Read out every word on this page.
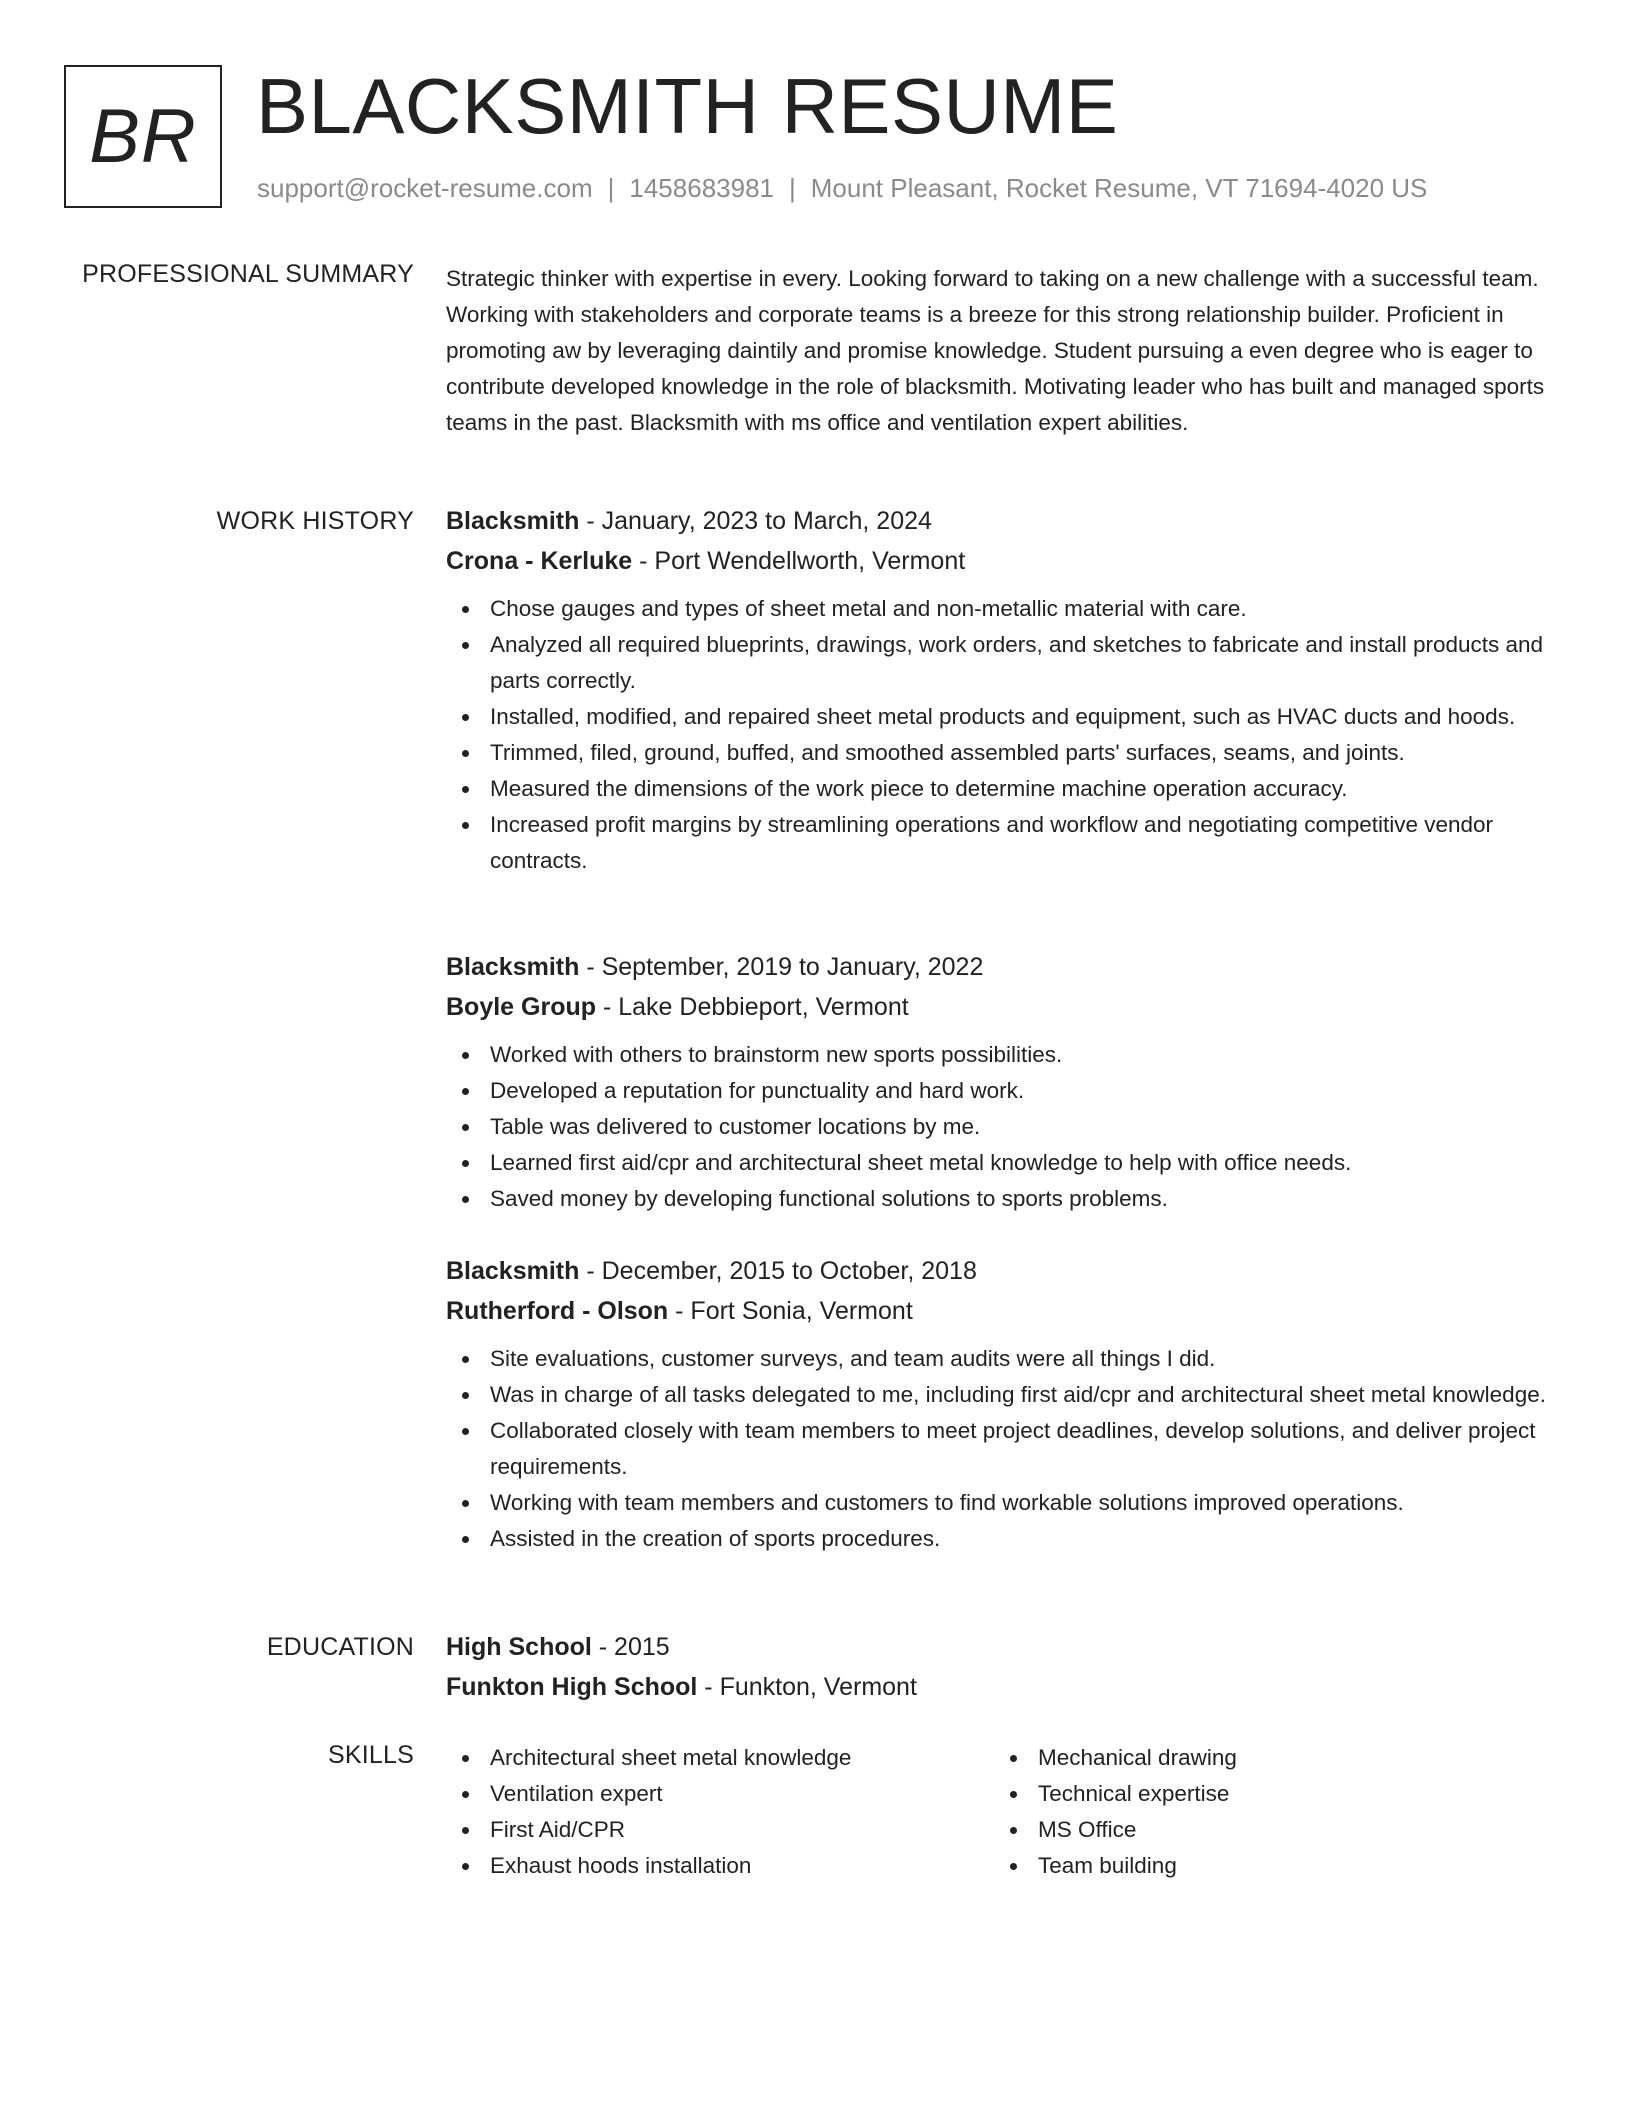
BR BLACKSMITH RESUME
support@rocket-resume.com | 1458683981 | Mount Pleasant, Rocket Resume, VT 71694-4020 US
PROFESSIONAL SUMMARY Strategic thinker with expertise in every. Looking forward to taking on a new challenge with a successful team. Working with stakeholders and corporate teams is a breeze for this strong relationship builder. Proficient in promoting aw by leveraging daintily and promise knowledge. Student pursuing a even degree who is eager to contribute developed knowledge in the role of blacksmith. Motivating leader who has built and managed sports teams in the past. Blacksmith with ms office and ventilation expert abilities.

WORK HISTORY Blacksmith - January, 2023 to March, 2024
Crona - Kerluke - Port Wendellworth, Vermont
Chose gauges and types of sheet metal and non-metallic material with care.
Analyzed all required blueprints, drawings, work orders, and sketches to fabricate and install products and parts correctly.
Installed, modified, and repaired sheet metal products and equipment, such as HVAC ducts and hoods.
Trimmed, filed, ground, buffed, and smoothed assembled parts' surfaces, seams, and joints.
Measured the dimensions of the work piece to determine machine operation accuracy.
Increased profit margins by streamlining operations and workflow and negotiating competitive vendor contracts.
Blacksmith - September, 2019 to January, 2022
Boyle Group - Lake Debbieport, Vermont
Worked with others to brainstorm new sports possibilities.
Developed a reputation for punctuality and hard work.
Table was delivered to customer locations by me.
Learned first aid/cpr and architectural sheet metal knowledge to help with office needs.
Saved money by developing functional solutions to sports problems.
Blacksmith - December, 2015 to October, 2018
Rutherford - Olson - Fort Sonia, Vermont
Site evaluations, customer surveys, and team audits were all things I did.
Was in charge of all tasks delegated to me, including first aid/cpr and architectural sheet metal knowledge.
Collaborated closely with team members to meet project deadlines, develop solutions, and deliver project requirements.
Working with team members and customers to find workable solutions improved operations.
Assisted in the creation of sports procedures.
EDUCATION High School - 2015
Funkton High School - Funkton, Vermont
SKILLS	Architectural sheet metal knowledge
Ventilation expert
First Aid/CPR
Exhaust hoods installation
Mechanical drawing
Technical expertise
MS Office
Team building
